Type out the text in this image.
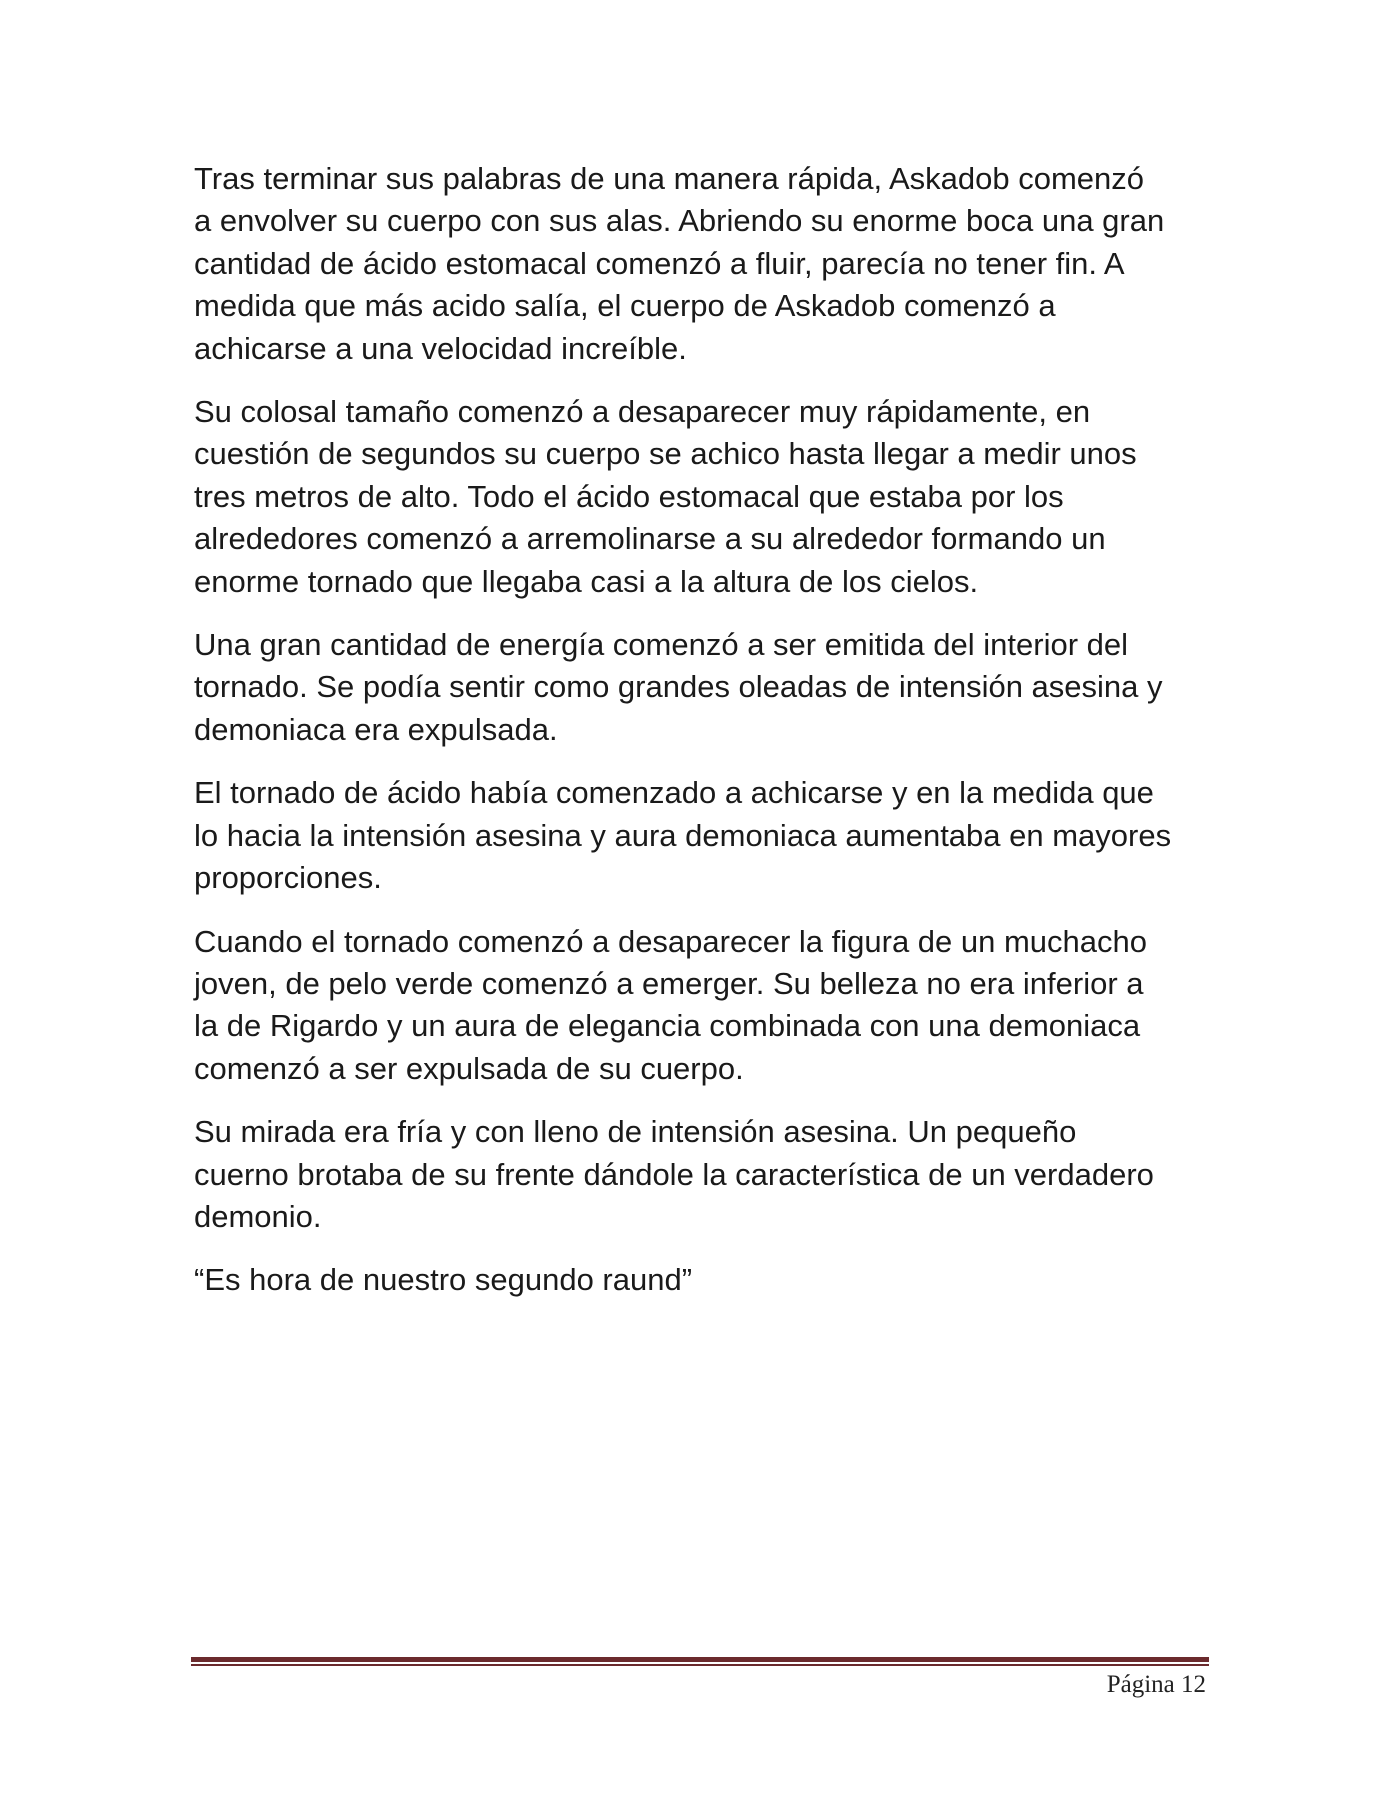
Tras terminar sus palabras de una manera rápida, Askadob comenzó
a envolver su cuerpo con sus alas. Abriendo su enorme boca una gran
cantidad de ácido estomacal comenzó a fluir, parecía no tener fin. A
medida que más acido salía, el cuerpo de Askadob comenzó a
achicarse a una velocidad increíble.

Su colosal tamaño comenzó a desaparecer muy rápidamente, en
cuestión de segundos su cuerpo se achico hasta llegar a medir unos
tres metros de alto. Todo el ácido estomacal que estaba por los
alrededores comenzó a arremolinarse a su alrededor formando un
enorme tornado que llegaba casi a la altura de los cielos.

Una gran cantidad de energía comenzó a ser emitida del interior del
tornado. Se podía sentir como grandes oleadas de intensión asesina y
demoniaca era expulsada.

El tornado de ácido había comenzado a achicarse y en la medida que
lo hacia la intensión asesina y aura demoniaca aumentaba en mayores
proporciones.

Cuando el tornado comenzó a desaparecer la figura de un muchacho
joven, de pelo verde comenzó a emerger. Su belleza no era inferior a
la de Rigardo y un aura de elegancia combinada con una demoniaca
comenzó a ser expulsada de su cuerpo.

Su mirada era fría y con lleno de intensión asesina. Un pequeño
cuerno brotaba de su frente dándole la característica de un verdadero
demonio.

“Es hora de nuestro segundo raund”

Página 12
